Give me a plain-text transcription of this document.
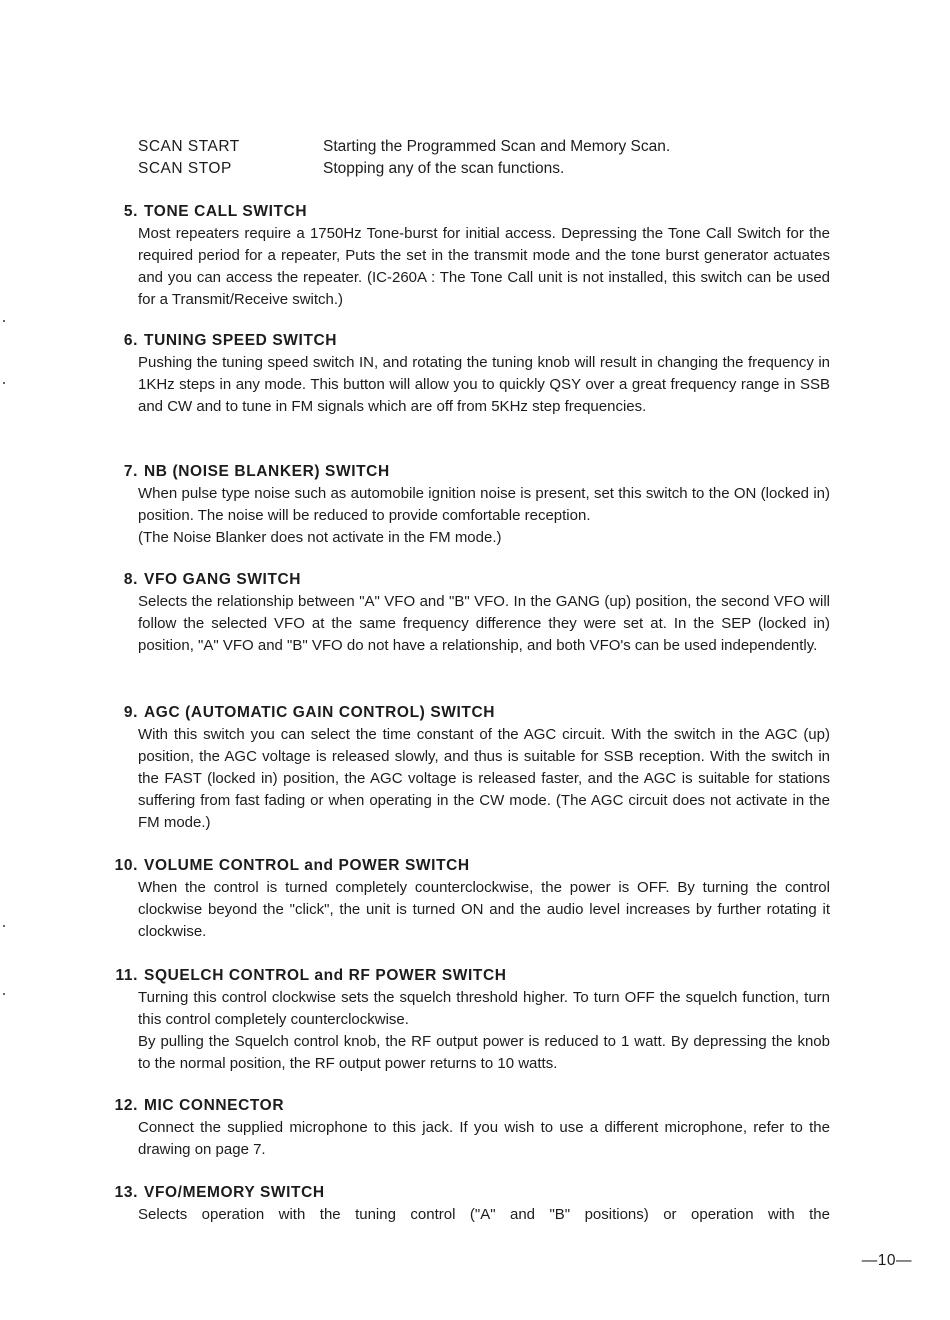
SCAN START	Starting the Programmed Scan and Memory Scan.
SCAN STOP	Stopping any of the scan functions.
5. TONE CALL SWITCH

Most repeaters require a 1750Hz Tone-burst for initial access. Depressing the Tone Call Switch for the required period for a repeater, Puts the set in the transmit mode and the tone burst generator actuates and you can access the repeater. (IC-260A : The Tone Call unit is not installed, this switch can be used for a Transmit/Receive switch.)

6. TUNING SPEED SWITCH

Pushing the tuning speed switch IN, and rotating the tuning knob will result in changing the frequency in 1KHz steps in any mode. This button will allow you to quickly QSY over a great frequency range in SSB and CW and to tune in FM signals which are off from 5KHz step frequencies.

7. NB (NOISE BLANKER) SWITCH

When pulse type noise such as automobile ignition noise is present, set this switch to the ON (locked in) position. The noise will be reduced to provide comfortable reception.

(The Noise Blanker does not activate in the FM mode.)

8. VFO GANG SWITCH

Selects the relationship between "A" VFO and "B" VFO. In the GANG (up) position, the second VFO will follow the selected VFO at the same frequency difference they were set at. In the SEP (locked in) position, "A" VFO and "B" VFO do not have a relationship, and both VFO's can be used independently.

9. AGC (AUTOMATIC GAIN CONTROL) SWITCH

With this switch you can select the time constant of the AGC circuit. With the switch in the AGC (up) position, the AGC voltage is released slowly, and thus is suitable for SSB reception. With the switch in the FAST (locked in) position, the AGC voltage is released faster, and the AGC is suitable for stations suffering from fast fading or when operating in the CW mode. (The AGC circuit does not activate in the FM mode.)

10. VOLUME CONTROL and POWER SWITCH

When the control is turned completely counterclockwise, the power is OFF. By turning the control clockwise beyond the "click", the unit is turned ON and the audio level increases by further rotating it clockwise.

11. SQUELCH CONTROL and RF POWER SWITCH

Turning this control clockwise sets the squelch threshold higher. To turn OFF the squelch function, turn this control completely counterclockwise.

By pulling the Squelch control knob, the RF output power is reduced to 1 watt. By depressing the knob to the normal position, the RF output power returns to 10 watts.

12. MIC CONNECTOR

Connect the supplied microphone to this jack. If you wish to use a different microphone, refer to the drawing on page 7.

13. VFO/MEMORY SWITCH

Selects operation with the tuning control ("A" and "B" positions) or operation with the

—10—
